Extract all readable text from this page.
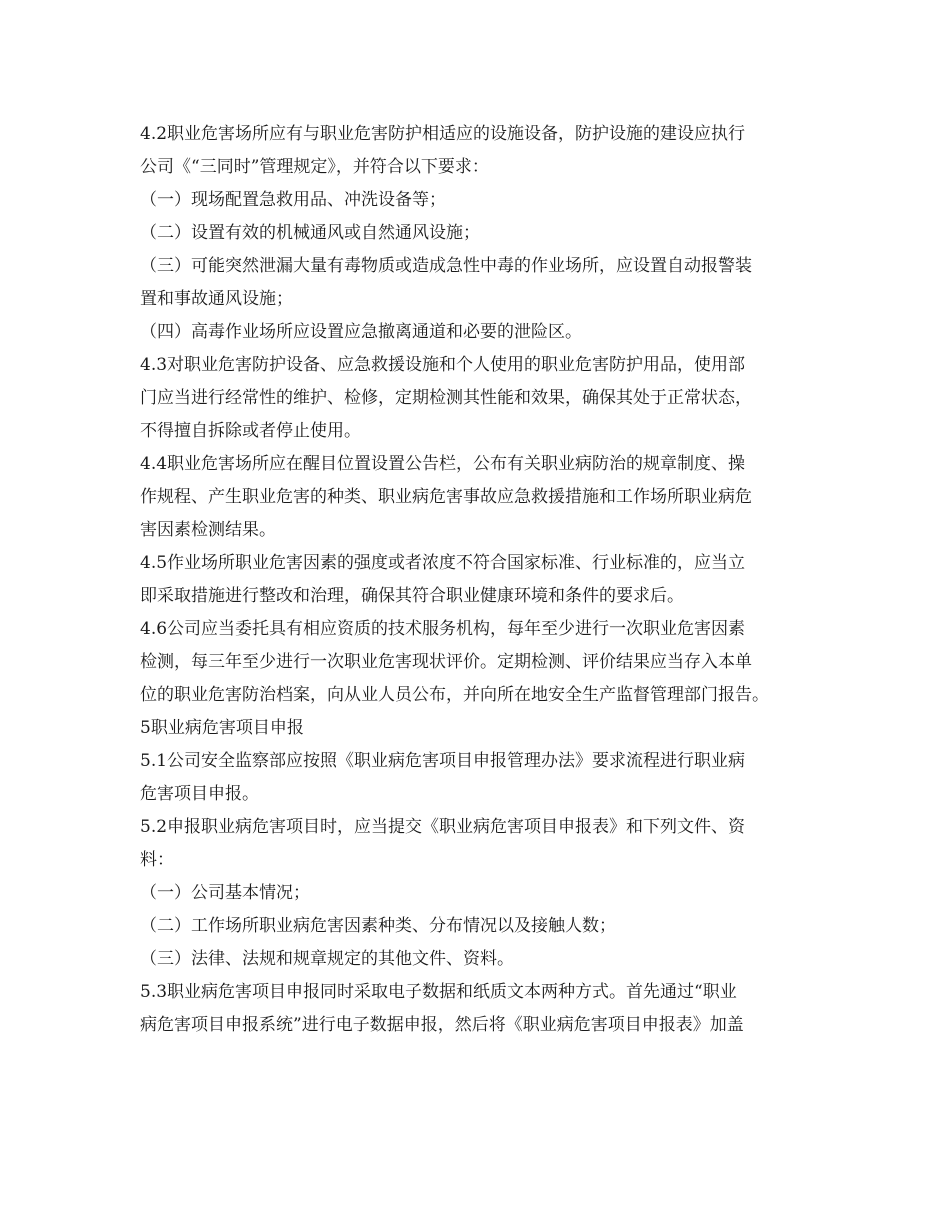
4.2职业危害场所应有与职业危害防护相适应的设施设备，防护设施的建设应执行
公司《“三同时”管理规定》，并符合以下要求：
（一）现场配置急救用品、冲洗设备等；
（二）设置有效的机械通风或自然通风设施；
（三）可能突然泄漏大量有毒物质或造成急性中毒的作业场所，应设置自动报警装
置和事故通风设施；
（四）高毒作业场所应设置应急撤离通道和必要的泄险区。
4.3对职业危害防护设备、应急救援设施和个人使用的职业危害防护用品，使用部
门应当进行经常性的维护、检修，定期检测其性能和效果，确保其处于正常状态，
不得擅自拆除或者停止使用。
4.4职业危害场所应在醒目位置设置公告栏，公布有关职业病防治的规章制度、操
作规程、产生职业危害的种类、职业病危害事故应急救援措施和工作场所职业病危
害因素检测结果。
4.5作业场所职业危害因素的强度或者浓度不符合国家标准、行业标准的，应当立
即采取措施进行整改和治理，确保其符合职业健康环境和条件的要求后。
4.6公司应当委托具有相应资质的技术服务机构，每年至少进行一次职业危害因素
检测，每三年至少进行一次职业危害现状评价。定期检测、评价结果应当存入本单
位的职业危害防治档案，向从业人员公布，并向所在地安全生产监督管理部门报告。
5职业病危害项目申报
5.1公司安全监察部应按照《职业病危害项目申报管理办法》要求流程进行职业病
危害项目申报。
5.2申报职业病危害项目时，应当提交《职业病危害项目申报表》和下列文件、资
料：
（一）公司基本情况；
（二）工作场所职业病危害因素种类、分布情况以及接触人数；
（三）法律、法规和规章规定的其他文件、资料。
5.3职业病危害项目申报同时采取电子数据和纸质文本两种方式。首先通过“职业
病危害项目申报系统”进行电子数据申报，然后将《职业病危害项目申报表》加盖
